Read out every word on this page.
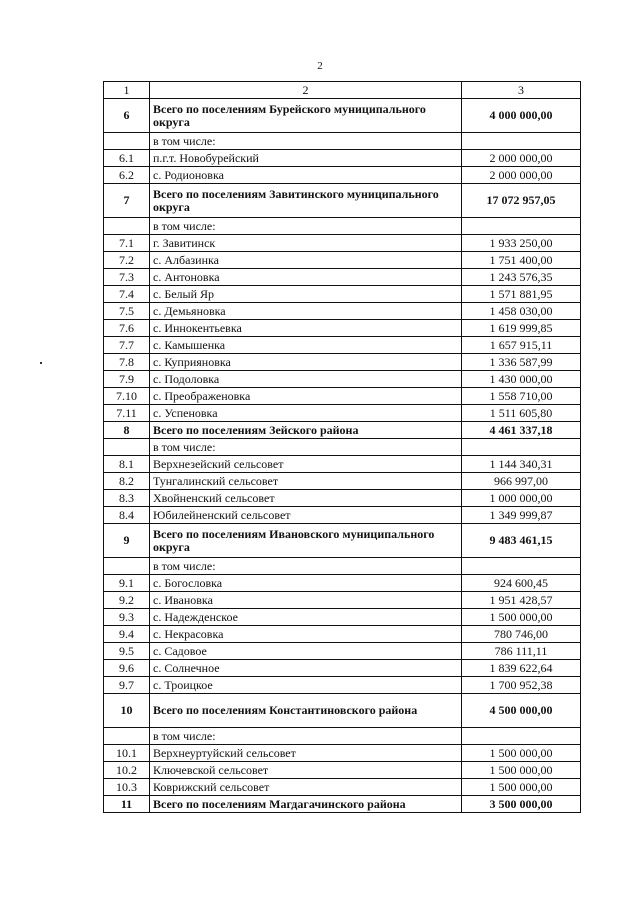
2
1	2	3
6	Всего по поселениям Бурейского муниципального округа	4 000 000,00
	в том числе:	
6.1	п.г.т. Новобурейский	2 000 000,00
6.2	с. Родионовка	2 000 000,00
7	Всего по поселениям Завитинского муниципального округа	17 072 957,05
	в том числе:	
7.1	г. Завитинск	1 933 250,00
7.2	с. Албазинка	1 751 400,00
7.3	с. Антоновка	1 243 576,35
7.4	с. Белый Яр	1 571 881,95
7.5	с. Демьяновка	1 458 030,00
7.6	с. Иннокентьевка	1 619 999,85
7.7	с. Камышенка	1 657 915,11
7.8	с. Куприяновка	1 336 587,99
7.9	с. Подоловка	1 430 000,00
7.10	с. Преображеновка	1 558 710,00
7.11	с. Успеновка	1 511 605,80
8	Всего по поселениям Зейского района	4 461 337,18
	в том числе:	
8.1	Верхнезейский сельсовет	1 144 340,31
8.2	Тунгалинский сельсовет	966 997,00
8.3	Хвойненский сельсовет	1 000 000,00
8.4	Юбилейненский сельсовет	1 349 999,87
9	Всего по поселениям Ивановского муниципального округа	9 483 461,15
	в том числе:	
9.1	с. Богословка	924 600,45
9.2	с. Ивановка	1 951 428,57
9.3	с. Надежденское	1 500 000,00
9.4	с. Некрасовка	780 746,00
9.5	с. Садовое	786 111,11
9.6	с. Солнечное	1 839 622,64
9.7	с. Троицкое	1 700 952,38
10	Всего по поселениям Константиновского района	4 500 000,00
	в том числе:	
10.1	Верхнеуртуйский сельсовет	1 500 000,00
10.2	Ключевской сельсовет	1 500 000,00
10.3	Коврижский сельсовет	1 500 000,00
11	Всего по поселениям Магдагачинского района	3 500 000,00
